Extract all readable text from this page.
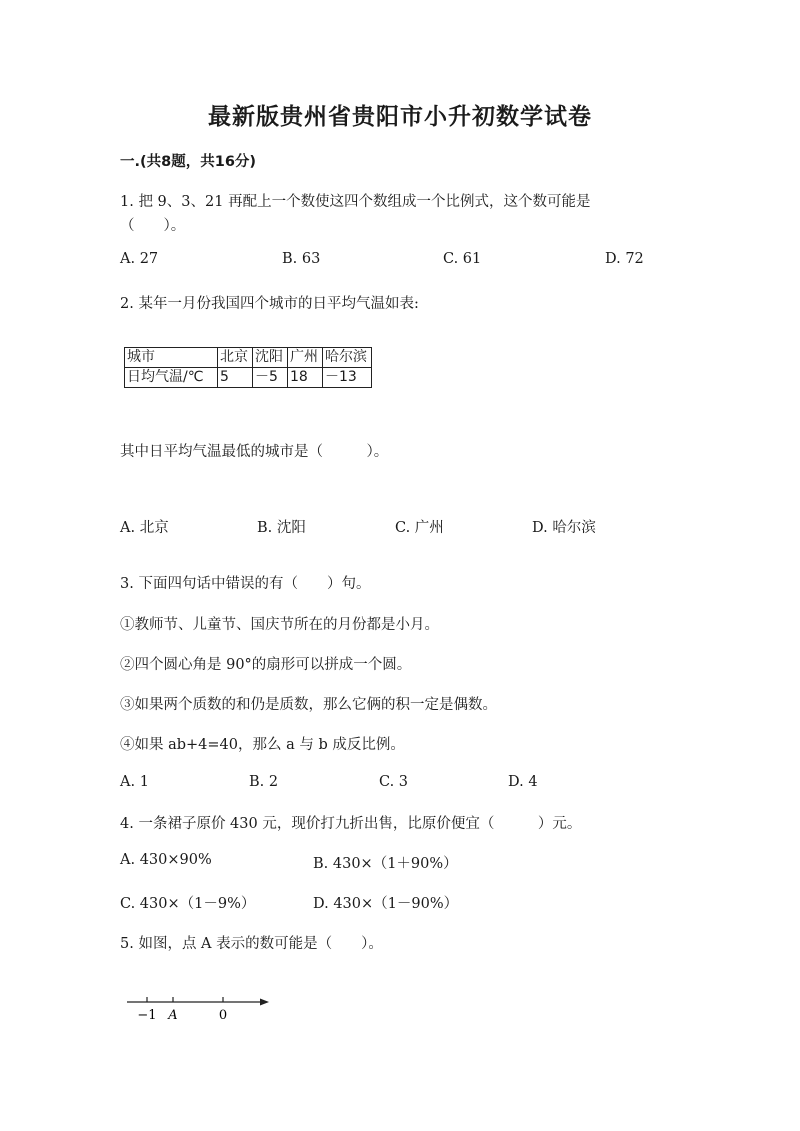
最新版贵州省贵阳市小升初数学试卷
一.(共8题，共16分)
1. 把 9、3、21 再配上一个数使这四个数组成一个比例式，这个数可能是
（　　）。
A. 27	B. 63	C. 61	D. 72
2. 某年一月份我国四个城市的日平均气温如表:
城市	北京	沈阳	广州	哈尔滨
日均气温/℃	5	－5	18	－13
其中日平均气温最低的城市是（　　　）。
A. 北京	B. 沈阳	C. 广州	D. 哈尔滨
3. 下面四句话中错误的有（　　）句。
①教师节、儿童节、国庆节所在的月份都是小月。
②四个圆心角是 90°的扇形可以拼成一个圆。
③如果两个质数的和仍是质数，那么它俩的积一定是偶数。
④如果 ab+4=40，那么 a 与 b 成反比例。
A. 1	B. 2	C. 3	D. 4
4. 一条裙子原价 430 元，现价打九折出售，比原价便宜（　　　）元。
A. 430×90%	B. 430×（1＋90%）
C. 430×（1－9%）	D. 430×（1－90%）
5. 如图，点 A 表示的数可能是（　　）。
−1 A	0
